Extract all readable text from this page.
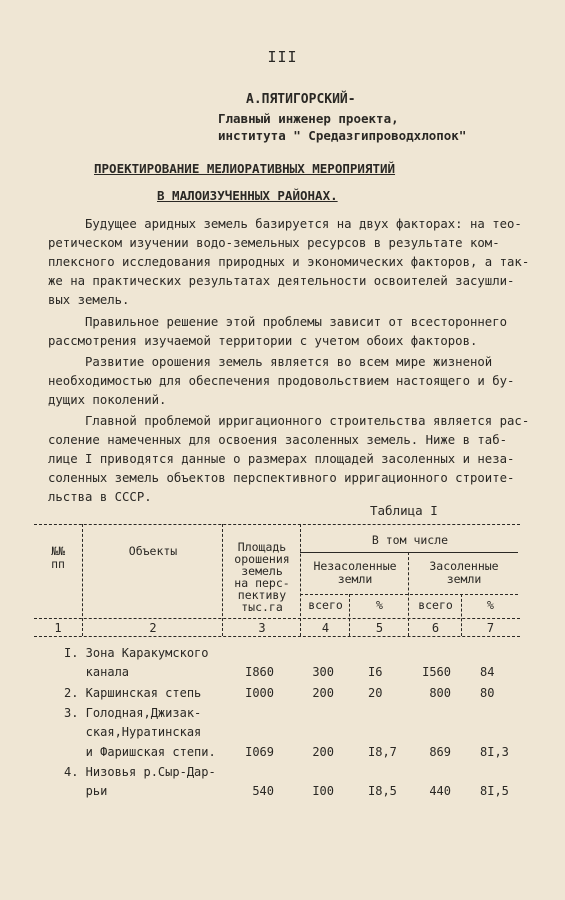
III
А.ПЯТИГОРСКИЙ-
Главный инженер проекта,
института " Средазгипроводхлопок"
ПРОЕКТИРОВАНИЕ МЕЛИОРАТИВНЫХ МЕРОПРИЯТИЙ
В МАЛОИЗУЧЕННЫХ РАЙОНАХ.
Будущее аридных земель базируется на двух факторах: на тео-
ретическом изучении водо-земельных ресурсов в результате ком-
плексного исследования природных и экономических факторов, а так-
же на практических результатах деятельности освоителей засушли-
вых земель.
Правильное решение этой проблемы зависит от всестороннего
рассмотрения изучаемой территории с учетом обоих факторов.
Развитие орошения земель является во всем мире жизненой
необходимостью для обеспечения продовольствием настоящего и бу-
дущих поколений.
Главной проблемой ирригационного строительства является рас-
соление намеченных для освоения засоленных земель. Ниже в таб-
лице I приводятся данные о размерах площадей засоленных и неза-
соленных земель объектов перспективного ирригационного строите-
льства в СССР.
Таблица I
№№
пп
Объекты	Площадь
орошения
земель
на перс-
пективу
тыс.га
В том числе
Незасоленные
земли
Засоленные
земли
всего	%	всего	%
1	2	3	4	5	6	7
I. Зона Каракумского
канала	I860	300	I6	I560 84
2. Каршинская степь	I000	200	20	800 80
3. Голодная,Джизак-
ская,Нуратинская
и Фаришская степи.	I069	200	I8,7	869 8I,3
4. Низовья р.Сыр-Дар-
рьи	540	I00	I8,5	440 8I,5
